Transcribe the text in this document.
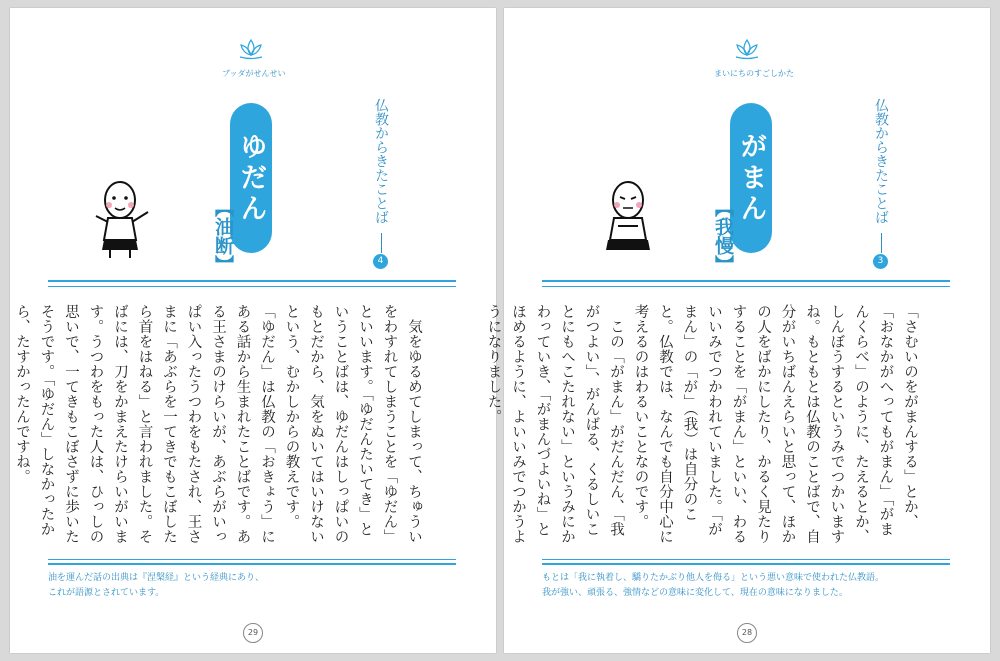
ブッダがせんせい
仏教からきたことば
4
ゆだん
【油断】

　気をゆるめてしまって、ちゅういをわすれてしまうことを「ゆだん」といいます。「ゆだんたいてき」ということばは、ゆだんはしっぱいのもとだから、気をぬいてはいけないという、むかしからの教えです。

「ゆだん」は仏教の「おきょう」にある話から生まれたことばです。ある王さまのけらいが、あぶらがいっぱい入ったうつわをもたされ、王さまに「あぶらを一てきでもこぼしたら首をはねる」と言われました。そばには、刀をかまえたけらいがいます。うつわをもった人は、ひっしの思いで、一てきもこぼさずに歩いたそうです。「ゆだん」しなかったから、たすかったんですね。

油を運んだ話の出典は『涅槃経』という経典にあり、

これが語源とされています。

29
まいにちのすごしかた
仏教からきたことば
3
がまん
【我慢】

「さむいのをがまんする」とか、「おなかがへってもがまん」「がまんくらべ」のように、たえるとか、しんぼうするというみでつかいますね。もともとは仏教のことばで、自分がいちばんえらいと思って、ほかの人をばかにしたり、かるく見たりすることを「がまん」といい、わるいいみでつかわれていました。「がまん」の「が」（我）は自分のこと。仏教では、なんでも自分中心に考えるのはわるいことなのです。

　この「がまん」がだんだん、「我がつよい」、がんばる、くるしいことにもへこたれない」というみにかわっていき、「がまんづよいね」とほめるように、よいいみでつかうようになりました。

もとは「我に執着し、驕りたかぶり他人を侮る」という悪い意味で使われた仏教語。

我が強い、頑張る、強情などの意味に変化して、現在の意味になりました。

28
